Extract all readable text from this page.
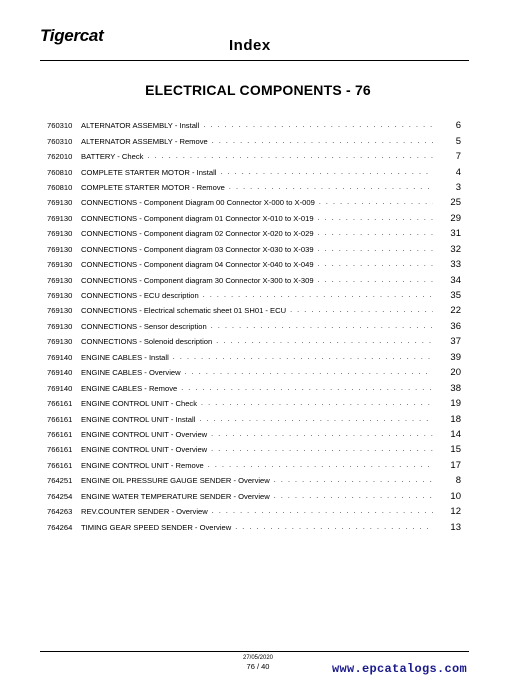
Tigercat
Index
ELECTRICAL COMPONENTS - 76
760310	ALTERNATOR ASSEMBLY - Install . . .	6
760310	ALTERNATOR ASSEMBLY - Remove . . .	5
762010	BATTERY - Check . . .	7
760810	COMPLETE STARTER MOTOR - Install . . .	4
760810	COMPLETE STARTER MOTOR - Remove . . .	3
769130	CONNECTIONS - Component Diagram 00 Connector X-000 to X-009 . . .	25
769130	CONNECTIONS - Component diagram 01 Connector X-010 to X-019 . . .	29
769130	CONNECTIONS - Component diagram 02 Connector X-020 to X-029 . . .	31
769130	CONNECTIONS - Component diagram 03 Connector X-030 to X-039 . . .	32
769130	CONNECTIONS - Component diagram 04 Connector X-040 to X-049 . . .	33
769130	CONNECTIONS - Component diagram 30 Connector X-300 to X-309 . . .	34
769130	CONNECTIONS - ECU description . . .	35
769130	CONNECTIONS - Electrical schematic sheet 01 SH01 - ECU . . .	22
769130	CONNECTIONS - Sensor description . . .	36
769130	CONNECTIONS - Solenoid description . . .	37
769140	ENGINE CABLES - Install . . .	39
769140	ENGINE CABLES - Overview . . .	20
769140	ENGINE CABLES - Remove . . .	38
766161	ENGINE CONTROL UNIT - Check . . .	19
766161	ENGINE CONTROL UNIT - Install . . .	18
766161	ENGINE CONTROL UNIT - Overview . . .	14
766161	ENGINE CONTROL UNIT - Overview . . .	15
766161	ENGINE CONTROL UNIT - Remove . . .	17
764251	ENGINE OIL PRESSURE GAUGE SENDER - Overview . . .	8
764254	ENGINE WATER TEMPERATURE SENDER - Overview . . .	10
764263	REV.COUNTER SENDER - Overview . . .	12
764264	TIMING GEAR SPEED SENDER - Overview . . .	13
27/05/2020
76 / 40	www.epcatalogs.com
